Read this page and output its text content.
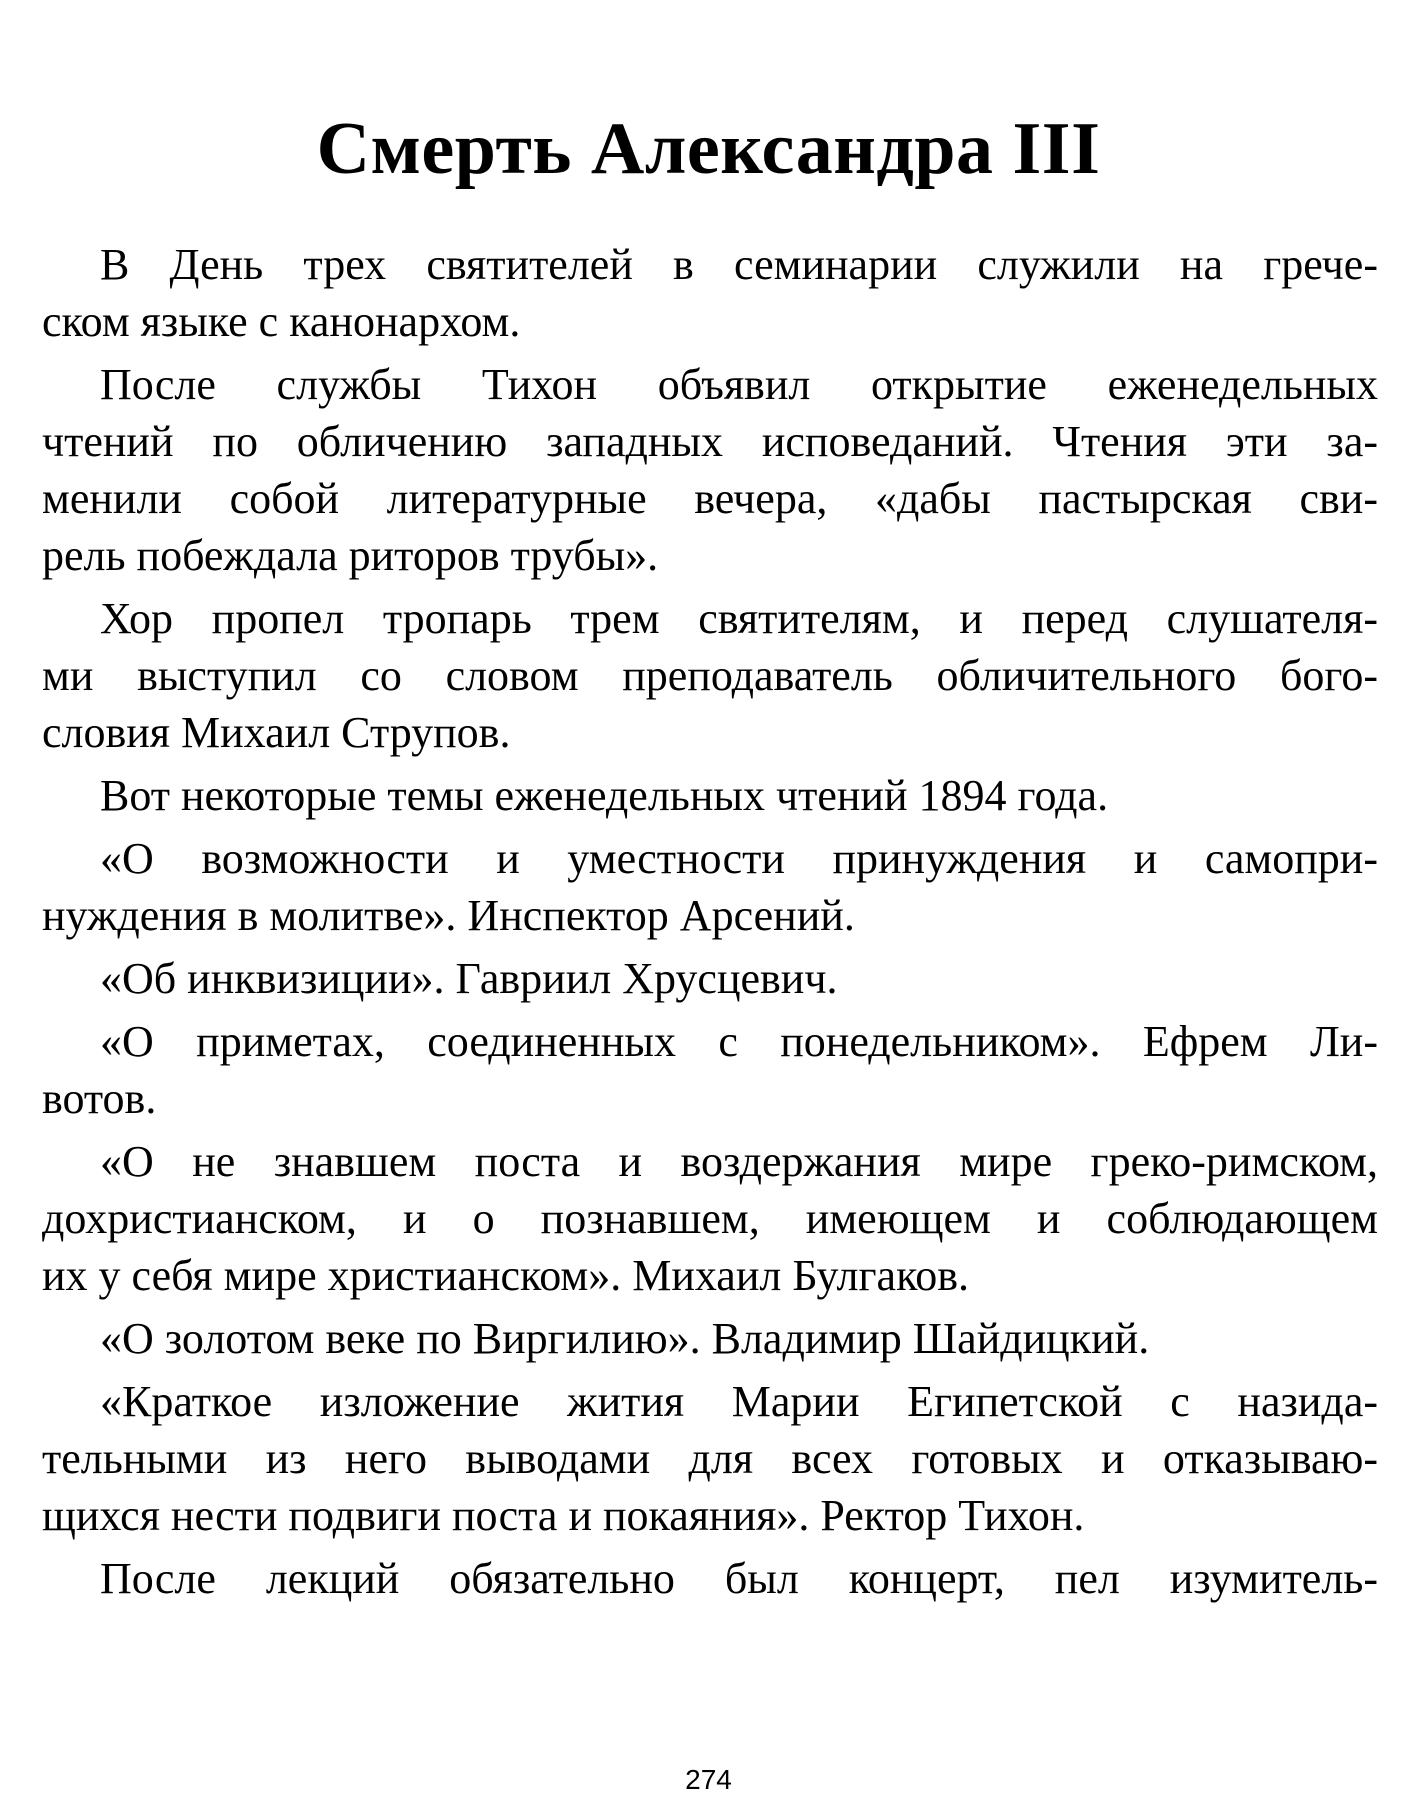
Смерть Александра III

В День трех святителей в семинарии служили на грече-
ском языке с канонархом.

После службы Тихон объявил открытие еженедельных
чтений по обличению западных исповеданий. Чтения эти за-
менили собой литературные вечера, «дабы пастырская сви-
рель побеждала риторов трубы».

Хор пропел тропарь трем святителям, и перед слушателя-
ми выступил со словом преподаватель обличительного бого-
словия Михаил Струпов.

Вот некоторые темы еженедельных чтений 1894 года.

«О возможности и уместности принуждения и самопри-
нуждения в молитве». Инспектор Арсений.

«Об инквизиции». Гавриил Хрусцевич.

«О приметах, соединенных с понедельником». Ефрем Ли-
вотов.

«О не знавшем поста и воздержания мире греко-римском,
дохристианском, и о познавшем, имеющем и соблюдающем
их у себя мире христианском». Михаил Булгаков.

«О золотом веке по Виргилию». Владимир Шайдицкий.

«Краткое изложение жития Марии Египетской с назида-
тельными из него выводами для всех готовых и отказываю-
щихся нести подвиги поста и покаяния». Ректор Тихон.

После лекций обязательно был концерт, пел изумитель-

274
